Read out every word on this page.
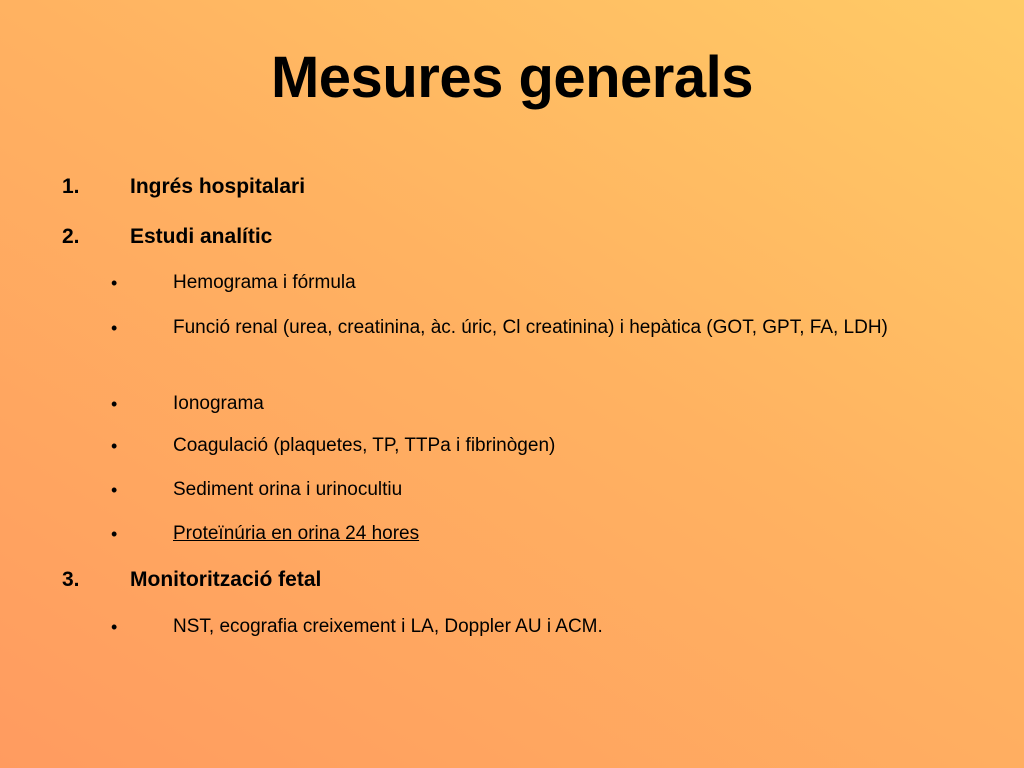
Mesures generals
1. Ingrés hospitalari
2. Estudi analític
•	Hemograma i fórmula
•	Funció renal (urea, creatinina, àc. úric, Cl creatinina) i hepàtica (GOT, GPT, FA, LDH)
•	Ionograma
•	Coagulació (plaquetes, TP, TTPa i fibrinògen)
•	Sediment orina i urinocultiu
•	Proteïnúria en orina 24 hores
3. Monitorització fetal
•	NST, ecografia creixement i LA, Doppler AU i ACM.
